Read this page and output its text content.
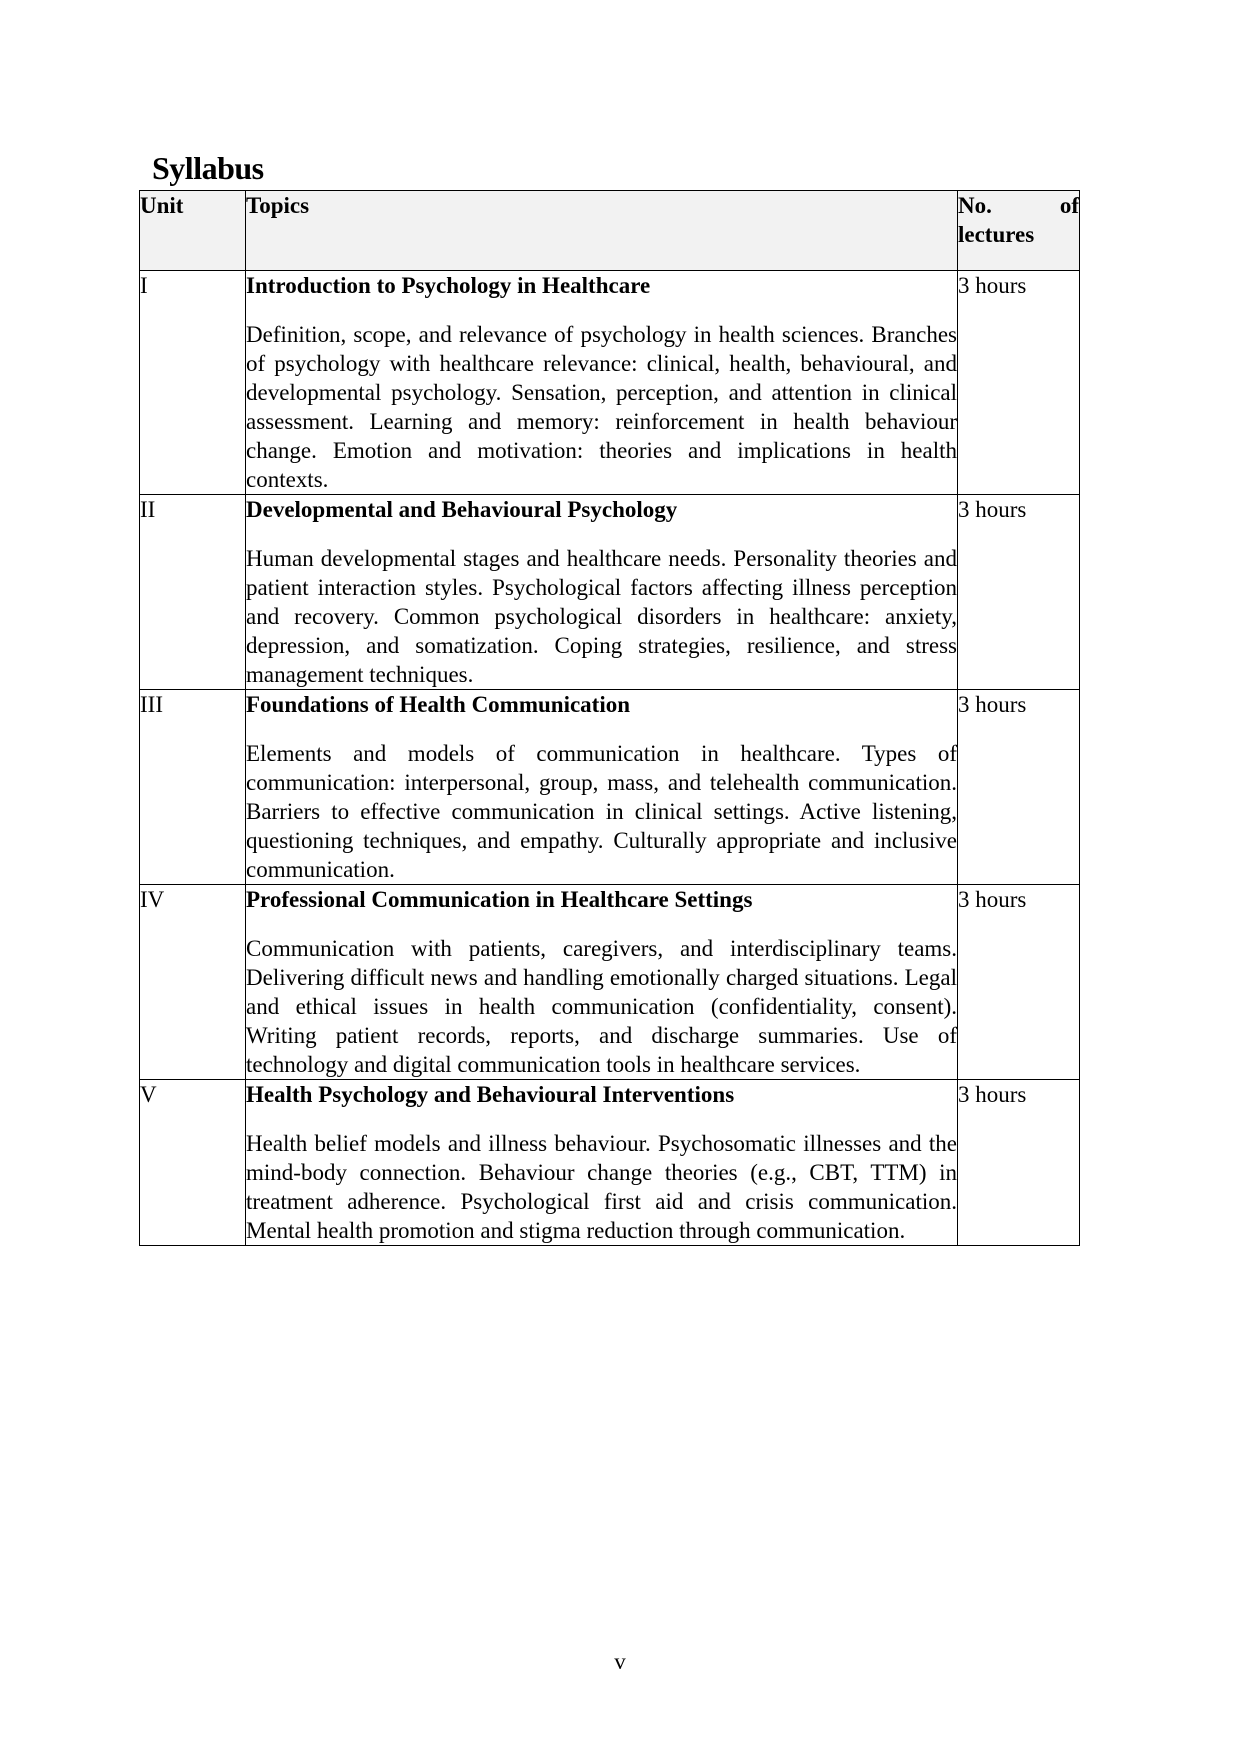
Syllabus
Unit	Topics	No. of
lectures

I	Introduction to Psychology in Healthcare
Definition, scope, and relevance of psychology in health sciences. Branches of psychology with healthcare relevance: clinical, health, behavioural, and developmental psychology. Sensation, perception, and attention in clinical assessment. Learning and memory: reinforcement in health behaviour change. Emotion and motivation: theories and implications in health contexts.	3 hours
II	Developmental and Behavioural Psychology
Human developmental stages and healthcare needs. Personality theories and patient interaction styles. Psychological factors affecting illness perception and recovery. Common psychological disorders in healthcare: anxiety, depression, and somatization. Coping strategies, resilience, and stress management techniques.	3 hours
III	Foundations of Health Communication
Elements and models of communication in healthcare. Types of communication: interpersonal, group, mass, and telehealth communication. Barriers to effective communication in clinical settings. Active listening, questioning techniques, and empathy. Culturally appropriate and inclusive communication.	3 hours
IV	Professional Communication in Healthcare Settings
Communication with patients, caregivers, and interdisciplinary teams. Delivering difficult news and handling emotionally charged situations. Legal and ethical issues in health communication (confidentiality, consent). Writing patient records, reports, and discharge summaries. Use of technology and digital communication tools in healthcare services.	3 hours
V	Health Psychology and Behavioural Interventions
Health belief models and illness behaviour. Psychosomatic illnesses and the mind-body connection. Behaviour change theories (e.g., CBT, TTM) in treatment adherence. Psychological first aid and crisis communication. Mental health promotion and stigma reduction through communication.	3 hours
v
